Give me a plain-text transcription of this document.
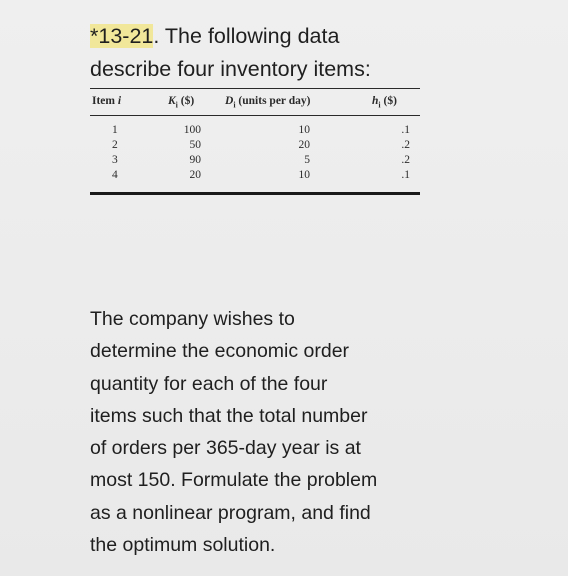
*13-21. The following data
describe four inventory items:
Item i	$K_i$ ($)	$D_i$ (units per day)	$h_i$ ($)
1	100	10	.1
2	50	20	.2
3	90	5	.2
4	20	10	.1
The company wishes to
determine the economic order
quantity for each of the four
items such that the total number
of orders per 365-day year is at
most 150. Formulate the problem
as a nonlinear program, and find
the optimum solution.
